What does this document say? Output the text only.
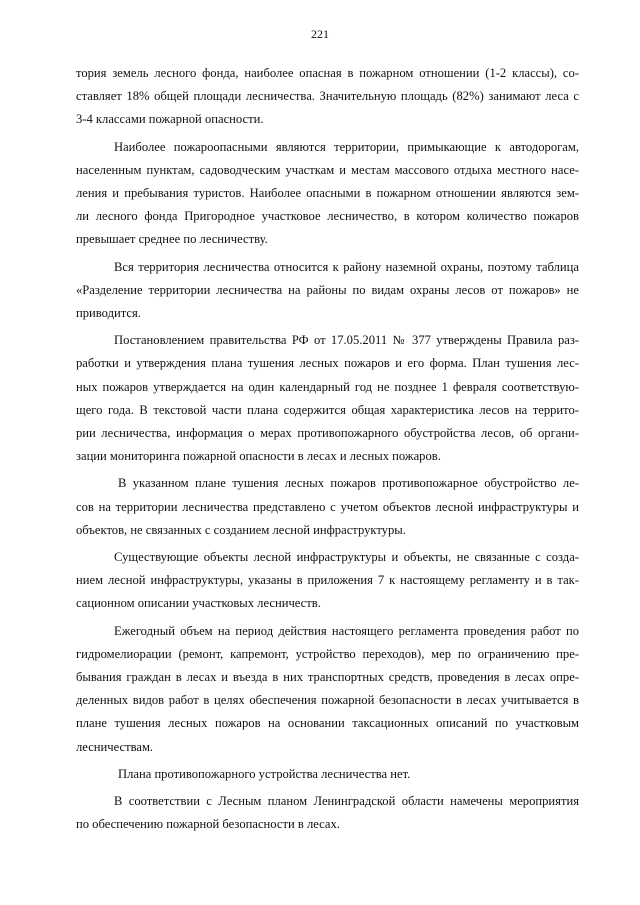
221

тория земель лесного фонда, наиболее опасная в пожарном отношении (1-2 классы), со-
ставляет 18% общей площади лесничества. Значительную площадь (82%) занимают леса с
3-4 классами пожарной опасности.

Наиболее пожароопасными являются территории, примыкающие к автодорогам,
населенным пунктам, садоводческим участкам и местам массового отдыха местного насе-
ления и пребывания туристов. Наиболее опасными в пожарном отношении являются зем-
ли лесного фонда Пригородное участковое лесничество, в котором количество пожаров
превышает среднее по лесничеству.

Вся территория лесничества относится к району наземной охраны, поэтому таблица
«Разделение территории лесничества на районы по видам охраны лесов от пожаров» не
приводится.

Постановлением правительства РФ от 17.05.2011 № 377 утверждены Правила раз-
работки и утверждения плана тушения лесных пожаров и его форма. План тушения лес-
ных пожаров утверждается на один календарный год не позднее 1 февраля соответствую-
щего года. В текстовой части плана содержится общая характеристика лесов на террито-
рии лесничества, информация о мерах противопожарного обустройства лесов, об органи-
зации мониторинга пожарной опасности в лесах и лесных пожаров.

В указанном плане тушения лесных пожаров противопожарное обустройство ле-
сов на территории лесничества представлено с учетом объектов лесной инфраструктуры и
объектов, не связанных с созданием лесной инфраструктуры.

Существующие объекты лесной инфраструктуры и объекты, не связанные с созда-
нием лесной инфраструктуры, указаны в приложения 7 к настоящему регламенту и в так-
сационном описании участковых лесничеств.

Ежегодный объем на период действия настоящего регламента проведения работ по
гидромелиорации (ремонт, капремонт, устройство переходов), мер по ограничению пре-
бывания граждан в лесах и въезда в них транспортных средств, проведения в лесах опре-
деленных видов работ в целях обеспечения пожарной безопасности в лесах учитывается в
плане тушения лесных пожаров на основании таксационных описаний по участковым
лесничествам.

Плана противопожарного устройства лесничества нет.

В соответствии с Лесным планом Ленинградской области намечены мероприятия
по обеспечению пожарной безопасности в лесах.
